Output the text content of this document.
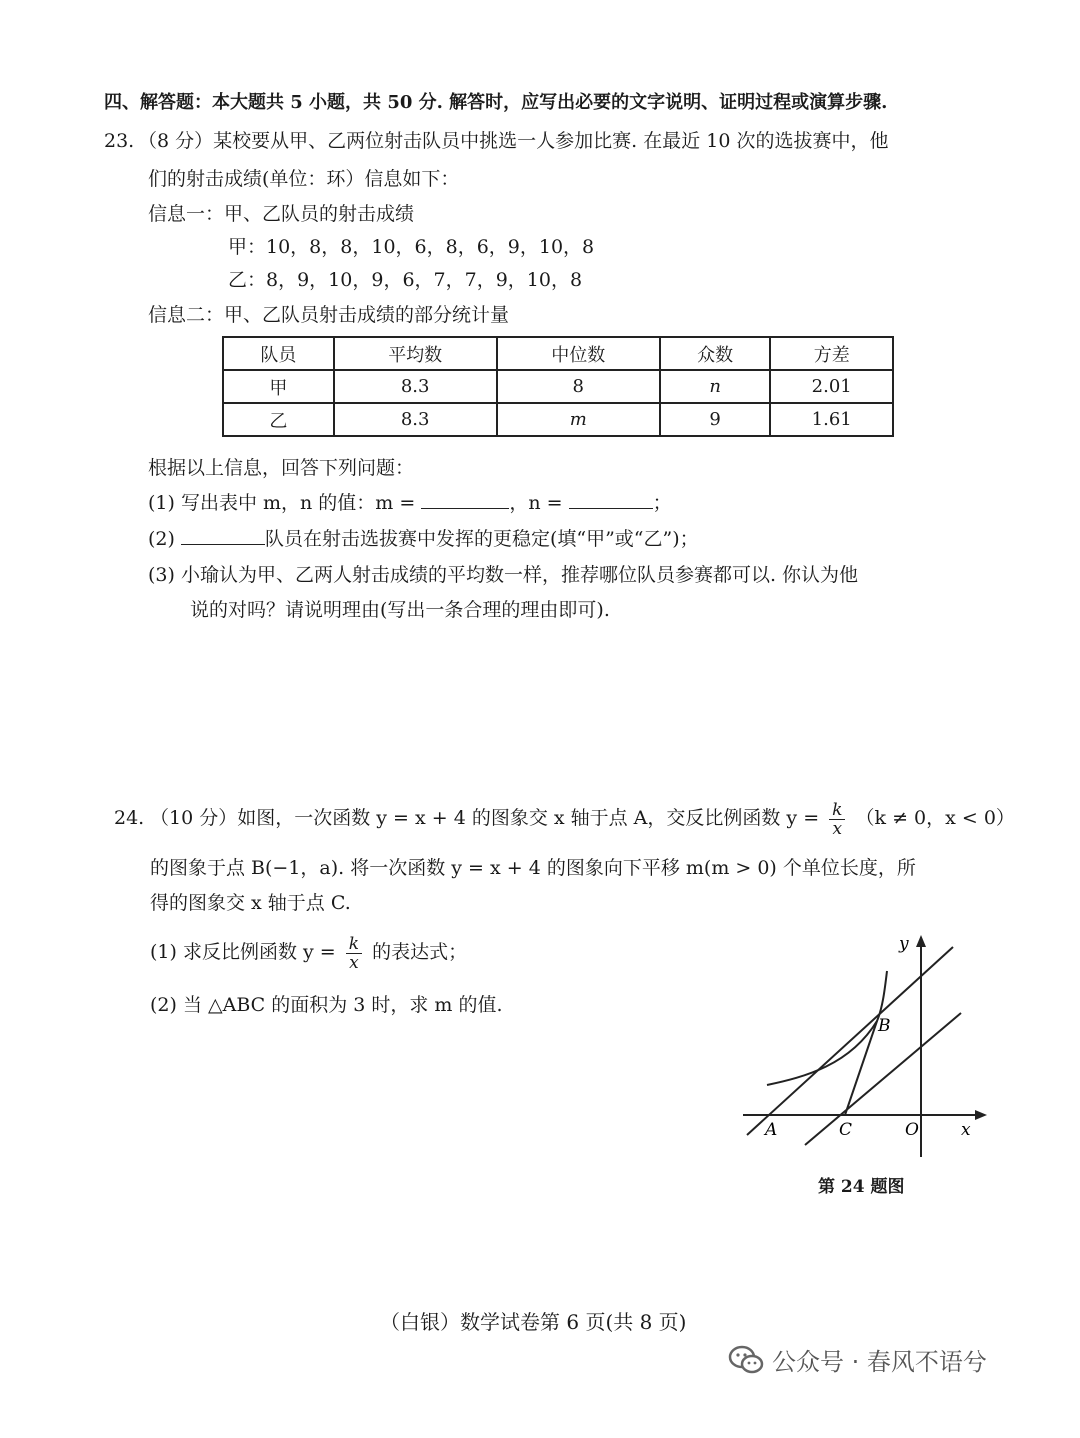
四、解答题：本大题共 5 小题，共 50 分. 解答时，应写出必要的文字说明、证明过程或演算步骤.
23. （8 分）某校要从甲、乙两位射击队员中挑选一人参加比赛. 在最近 10 次的选拔赛中，他
们的射击成绩(单位：环）信息如下：
信息一：甲、乙队员的射击成绩
甲：10，8，8，10，6，8，6，9，10，8
乙：8，9，10，9，6，7，7，9，10，8
信息二：甲、乙队员射击成绩的部分统计量
队员	平均数	中位数	众数	方差
甲	8.3	8	n	2.01
乙	8.3	m	9	1.61
根据以上信息，回答下列问题：
(1) 写出表中 m，n 的值：m =	，n =	；
(2)	队员在射击选拔赛中发挥的更稳定(填“甲”或“乙”)；
(3) 小瑜认为甲、乙两人射击成绩的平均数一样，推荐哪位队员参赛都可以. 你认为他
说的对吗？请说明理由(写出一条合理的理由即可).
24. （10 分）如图，一次函数 y = x + 4 的图象交 x 轴于点 A，交反比例函数 $y = \frac{k}{x} (k \ne 0$，x < 0）
的图象于点 B(−1，a). 将一次函数 y = x + 4 的图象向下平移 m(m > 0) 个单位长度，所
得的图象交 x 轴于点 C.
(1) 求反比例函数 $y = \frac{k}{x}$ 的表达式；
(2) 当 △ABC 的面积为 3 时，求 m 的值.
y
x
A
B
C	O
第 24 题图
（白银）数学试卷第 6 页(共 8 页)
公众号 · 春风不语兮
